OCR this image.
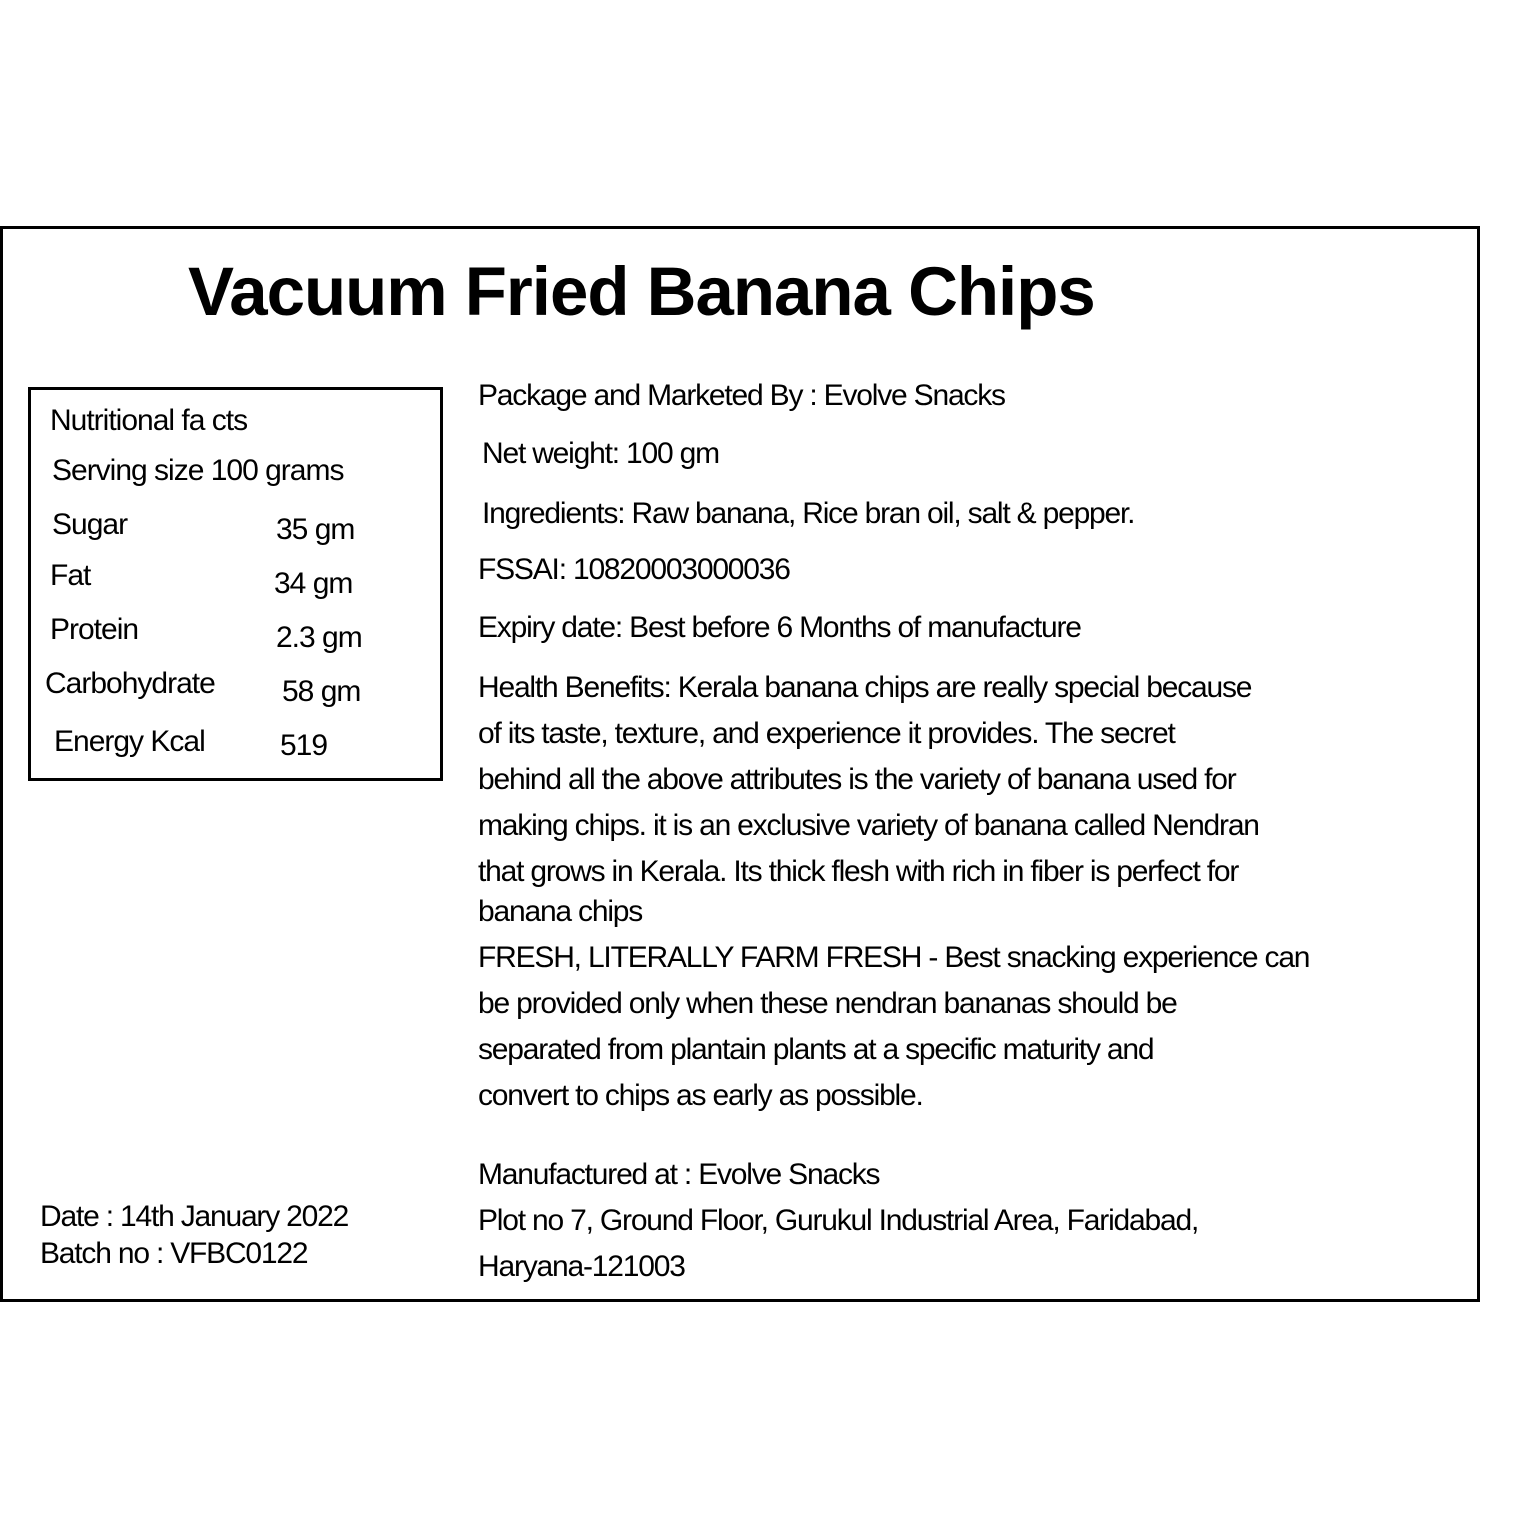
Vacuum Fried Banana Chips
Nutritional fa cts
Serving size 100 grams
Sugar	35 gm
Fat	34 gm
Protein	2.3 gm
Carbohydrate 58 gm
Energy Kcal	519
Package and Marketed By : Evolve Snacks
Net weight: 100 gm
Ingredients: Raw banana, Rice bran oil, salt & pepper.
FSSAI: 10820003000036
Expiry date: Best before 6 Months of manufacture
Health Benefits: Kerala banana chips are really special because
of its taste, texture, and experience it provides. The secret
behind all the above attributes is the variety of banana used for
making chips. it is an exclusive variety of banana called Nendran
that grows in Kerala. Its thick flesh with rich in fiber is perfect for
banana chips
FRESH, LITERALLY FARM FRESH - Best snacking experience can
be provided only when these nendran bananas should be
separated from plantain plants at a specific maturity and
convert to chips as early as possible.
Manufactured at : Evolve Snacks
Plot no 7, Ground Floor, Gurukul Industrial Area, Faridabad,
Haryana-121003
Date : 14th January 2022
Batch no : VFBC0122
